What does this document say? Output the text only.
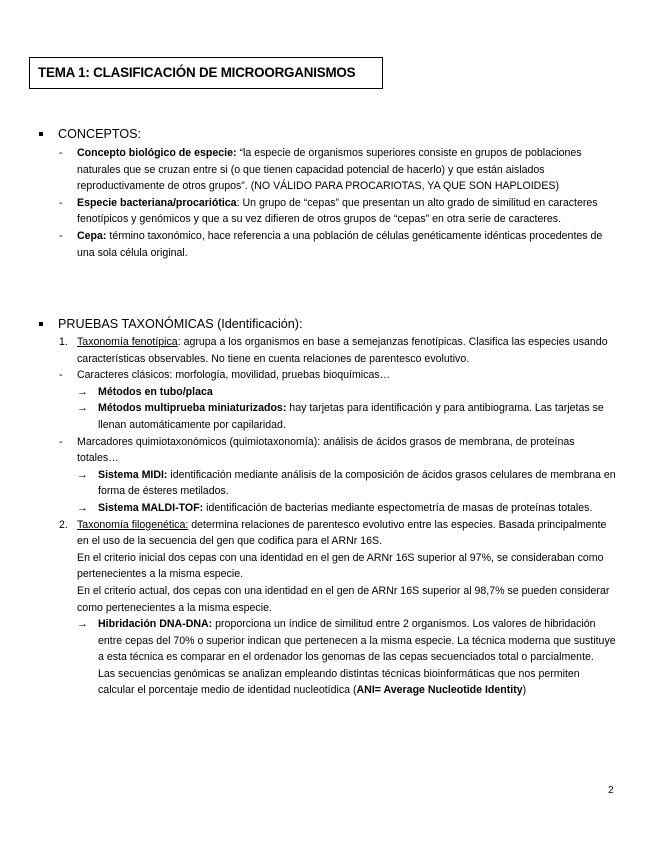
TEMA 1: CLASIFICACIÓN DE MICROORGANISMOS
CONCEPTOS:
- Concepto biológico de especie: “la especie de organismos superiores consiste en grupos de poblaciones naturales que se cruzan entre si (o que tienen capacidad potencial de hacerlo) y que están aislados reproductivamente de otros grupos”. (NO VÁLIDO PARA PROCARIOTAS, YA QUE SON HAPLOIDES)
- Especie bacteriana/procariótica: Un grupo de “cepas” que presentan un alto grado de similitud en caracteres fenotípicos y genómicos y que a su vez difieren de otros grupos de “cepas” en otra serie de caracteres.
- Cepa: término taxonómico, hace referencia a una población de células genéticamente idénticas procedentes de una sola célula original.
PRUEBAS TAXONÓMICAS (Identificación):
1. Taxonomía fenotípica: agrupa a los organismos en base a semejanzas fenotípicas. Clasifica las especies usando características observables. No tiene en cuenta relaciones de parentesco evolutivo.
- Caracteres clásicos: morfología, movilidad, pruebas bioquímicas…
→ Métodos en tubo/placa
→ Métodos multiprueba miniaturizados: hay tarjetas para identificación y para antibiograma. Las tarjetas se llenan automáticamente por capilaridad.
- Marcadores quimiotaxonómicos (quimiotaxonomía): análisis de ácidos grasos de membrana, de proteínas totales…
→ Sistema MIDI: identificación mediante análisis de la composición de ácidos grasos celulares de membrana en forma de ésteres metilados.
→ Sistema MALDI-TOF: identificación de bacterias mediante espectometría de masas de proteínas totales.
2. Taxonomía filogenética: determina relaciones de parentesco evolutivo entre las especies. Basada principalmente en el uso de la secuencia del gen que codifica para el ARNr 16S.
En el criterio inicial dos cepas con una identidad en el gen de ARNr 16S superior al 97%, se consideraban como pertenecientes a la misma especie.
En el criterio actual, dos cepas con una identidad en el gen de ARNr 16S superior al 98,7% se pueden considerar como pertenecientes a la misma especie.
→ Hibridación DNA-DNA: proporciona un índice de similitud entre 2 organismos. Los valores de hibridación entre cepas del 70% o superior indican que pertenecen a la misma especie. La técnica moderna que sustituye a esta técnica es comparar en el ordenador los genomas de las cepas secuenciados total o parcialmente.
Las secuencias genómicas se analizan empleando distintas técnicas bioinformáticas que nos permiten calcular el porcentaje medio de identidad nucleotídica (ANI= Average Nucleotide Identity)
2
